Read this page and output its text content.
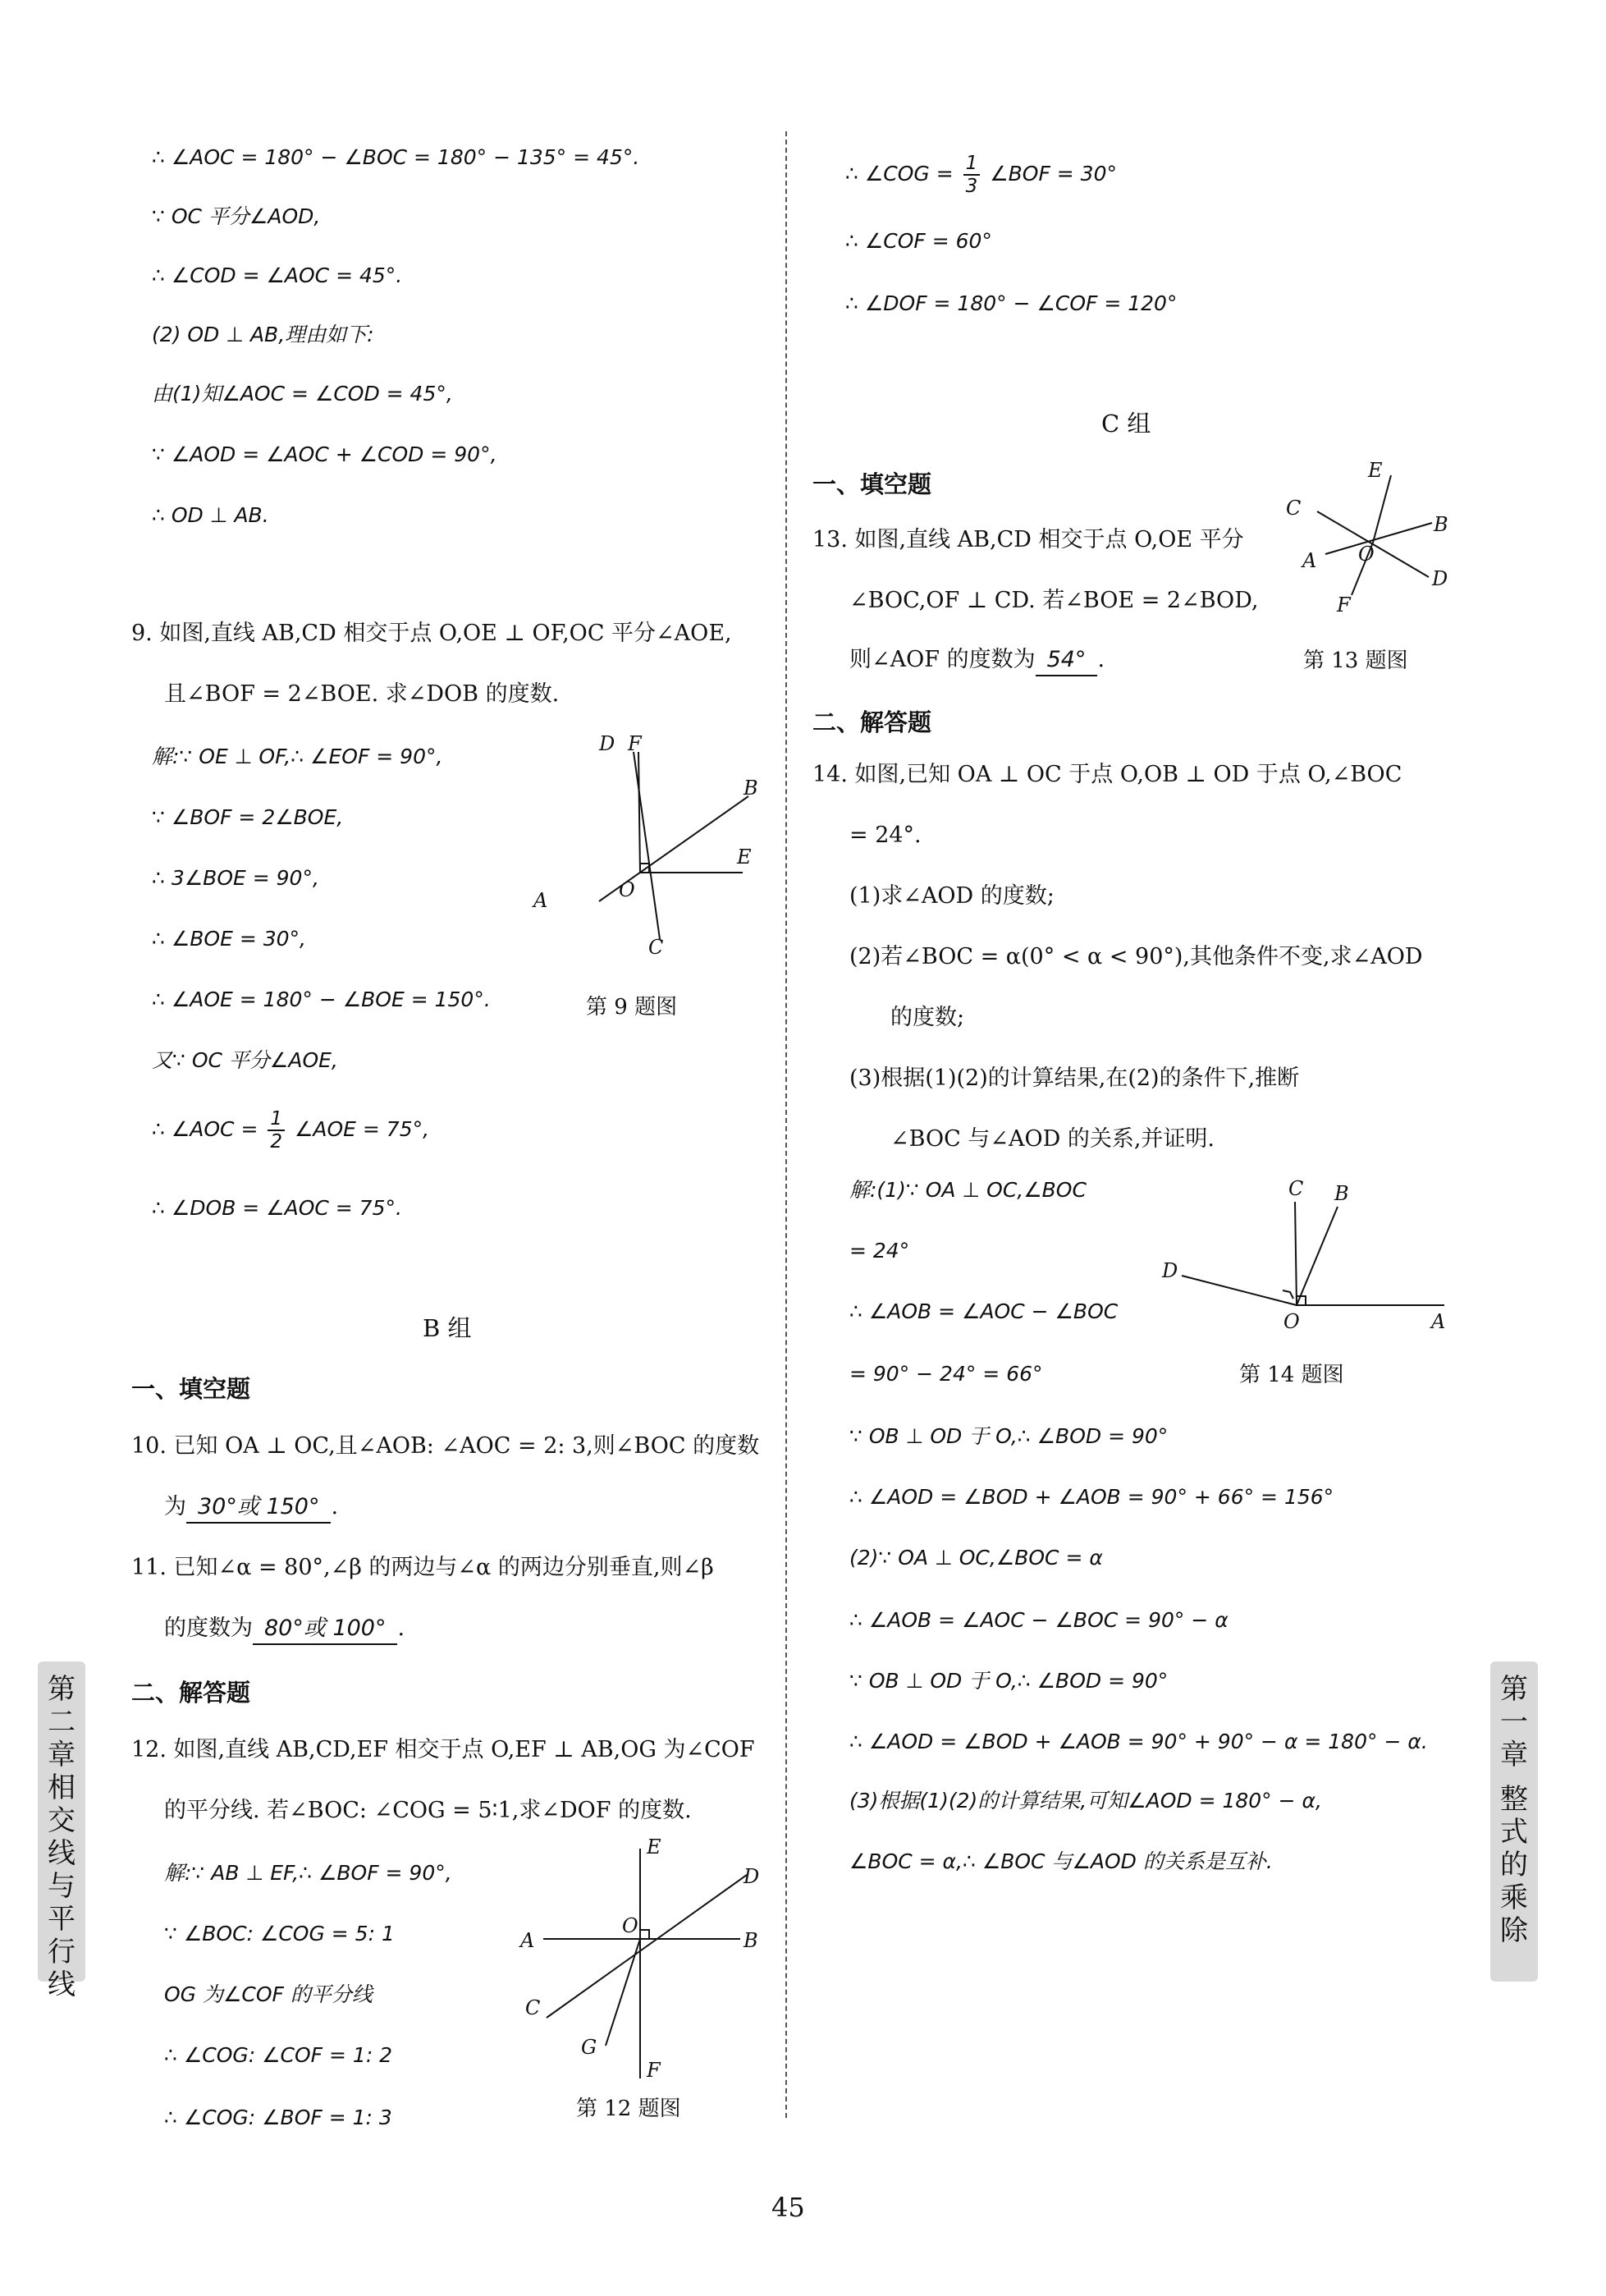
∴ ∠AOC = 180° − ∠BOC = 180° − 135° = 45°.
∵ OC 平分∠AOD,
∴ ∠COD = ∠AOC = 45°.
(2) OD ⊥ AB,理由如下:
由(1)知∠AOC = ∠COD = 45°,
∵ ∠AOD = ∠AOC + ∠COD = 90°,
∴ OD ⊥ AB.
9. 如图,直线 AB,CD 相交于点 O,OE ⊥ OF,OC 平分∠AOE,
且∠BOF = 2∠BOE. 求∠DOB 的度数.
解:∵ OE ⊥ OF,∴ ∠EOF = 90°,
∵ ∠BOF = 2∠BOE,
∴ 3∠BOE = 90°,
∴ ∠BOE = 30°,
∴ ∠AOE = 180° − ∠BOE = 150°.
又∵ OC 平分∠AOE,
∴ ∠AOC = $\frac{1}{2}$ ∠AOE = 75°,
∴ ∠DOB = ∠AOC = 75°.
D F
B
E
O
A
C
第 9 题图
B 组
一、填空题
10. 已知 OA ⊥ OC,且∠AOB: ∠AOC = 2: 3,则∠BOC 的度数
为 30°或 150° .
11. 已知∠α = 80°,∠β 的两边与∠α 的两边分别垂直,则∠β
的度数为 80°或 100° .
二、解答题
12. 如图,直线 AB,CD,EF 相交于点 O,EF ⊥ AB,OG 为∠COF
的平分线. 若∠BOC: ∠COG = 5∶1,求∠DOF 的度数.
解:∵ AB ⊥ EF,∴ ∠BOF = 90°,
∵ ∠BOC: ∠COG = 5: 1
OG 为∠COF 的平分线
∴ ∠COG: ∠COF = 1: 2
∴ ∠COG: ∠BOF = 1: 3
E
D
A
O
B
C
G
F
第 12 题图
∴ ∠COG = $\frac{1}{3}$ ∠BOF = 30°
∴ ∠COF = 60°
∴ ∠DOF = 180° − ∠COF = 120°
C 组
一、填空题
13. 如图,直线 AB,CD 相交于点 O,OE 平分
∠BOC,OF ⊥ CD. 若∠BOE = 2∠BOD,
则∠AOF 的度数为 54° .
E
C
B
A O
D
F
第 13 题图
二、解答题
14. 如图,已知 OA ⊥ OC 于点 O,OB ⊥ OD 于点 O,∠BOC
= 24°.
(1)求∠AOD 的度数;
(2)若∠BOC = α(0° < α < 90°),其他条件不变,求∠AOD
的度数;
(3)根据(1)(2)的计算结果,在(2)的条件下,推断
∠BOC 与∠AOD 的关系,并证明.
解:(1)∵ OA ⊥ OC,∠BOC
= 24°
∴ ∠AOB = ∠AOC − ∠BOC
= 90° − 24° = 66°
∵ OB ⊥ OD 于 O,∴ ∠BOD = 90°
∴ ∠AOD = ∠BOD + ∠AOB = 90° + 66° = 156°
(2)∵ OA ⊥ OC,∠BOC = α
∴ ∠AOB = ∠AOC − ∠BOC = 90° − α
∵ OB ⊥ OD 于 O,∴ ∠BOD = 90°
∴ ∠AOD = ∠BOD + ∠AOB = 90° + 90° − α = 180° − α.
(3)根据(1)(2)的计算结果,可知∠AOD = 180° − α,
∠BOC = α,∴ ∠BOC 与∠AOD 的关系是互补.
C B
D
O	A
第 14 题图
第
二
章
相
交
线
与
平
行
线
第
一
章
整
式
的
乘
除
45
